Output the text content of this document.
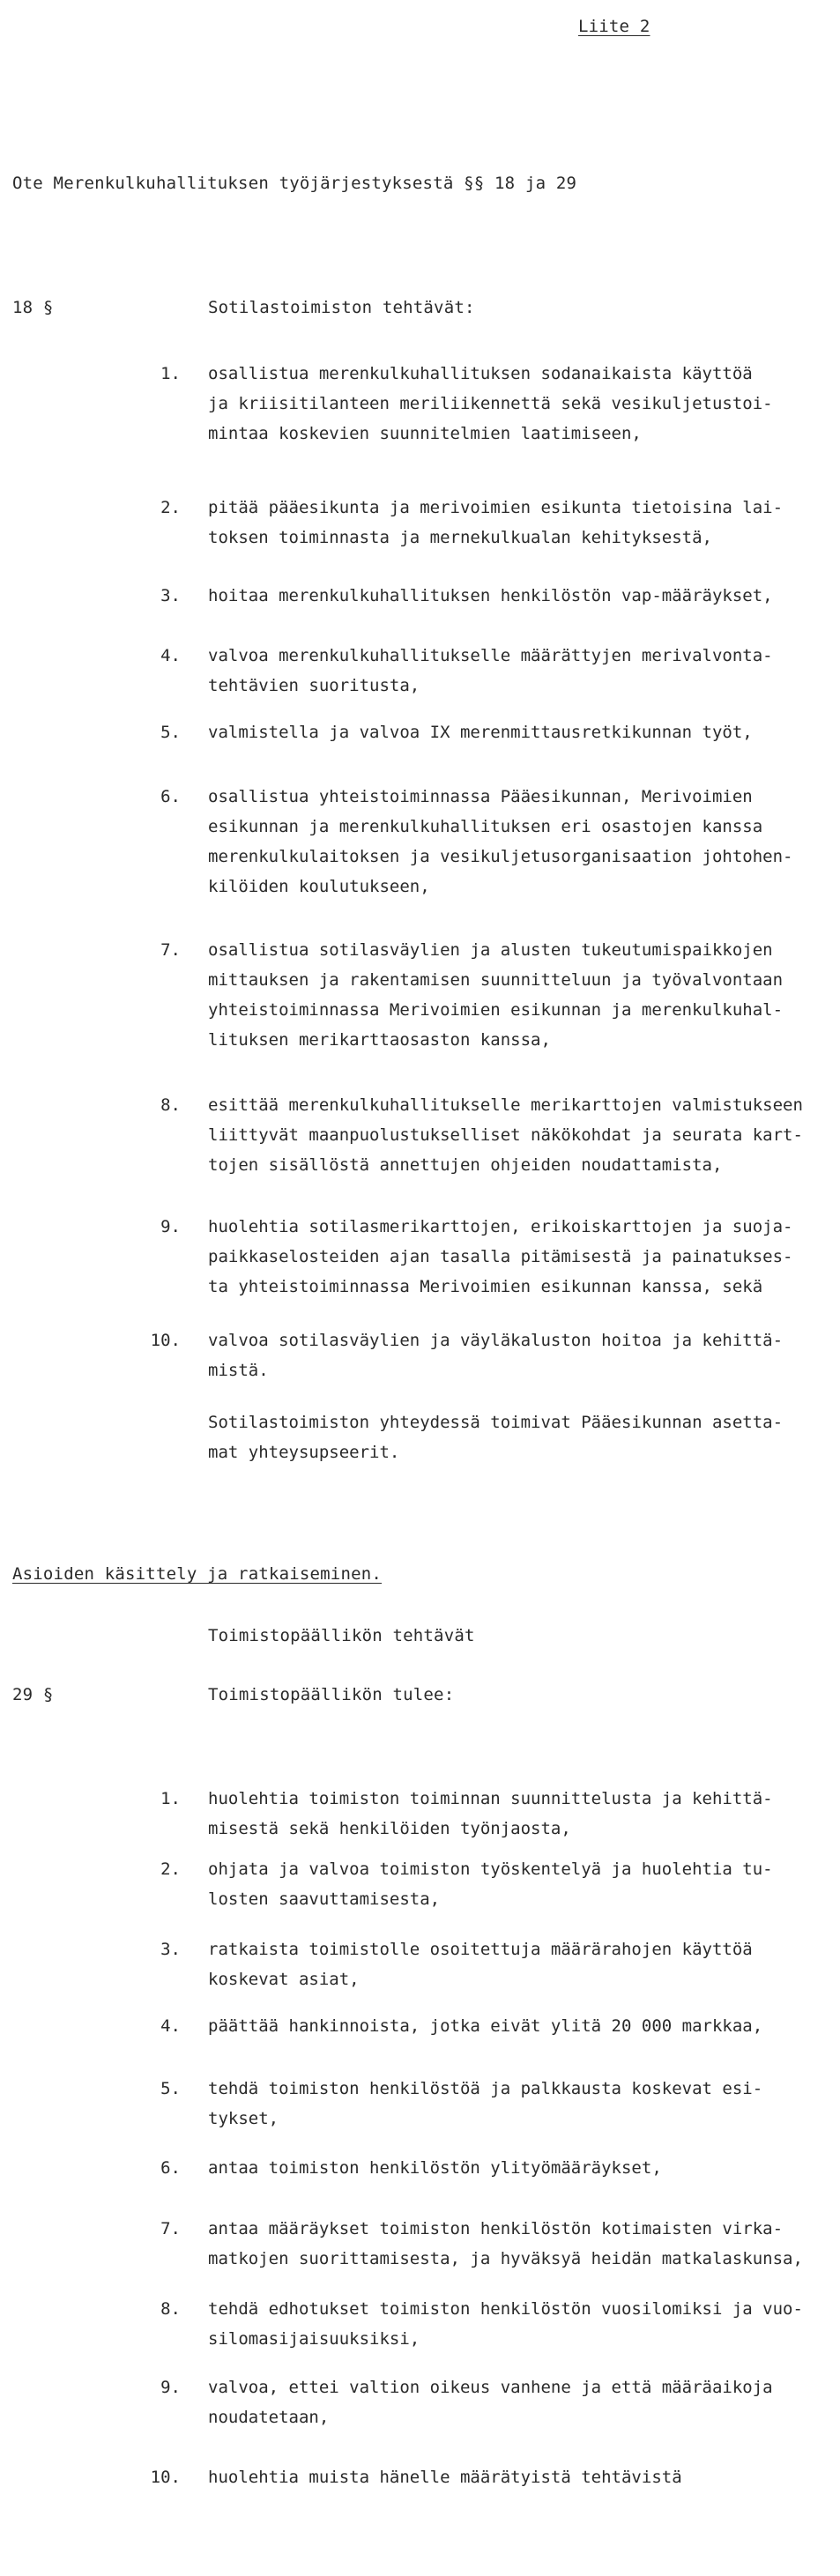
Liite 2
Ote Merenkulkuhallituksen työjärjestyksestä §§ 18 ja 29
18 §	Sotilastoimiston tehtävät:
1. osallistua merenkulkuhallituksen sodanaikaista käyttöä
ja kriisitilanteen meriliikennettä sekä vesikuljetustoi-
mintaa koskevien suunnitelmien laatimiseen,
2. pitää pääesikunta ja merivoimien esikunta tietoisina lai-
toksen toiminnasta ja mernekulkualan kehityksestä,
3. hoitaa merenkulkuhallituksen henkilöstön vap-määräykset,
4. valvoa merenkulkuhallitukselle määrättyjen merivalvonta-
tehtävien suoritusta,
5. valmistella ja valvoa IX merenmittausretkikunnan työt,
6. osallistua yhteistoiminnassa Pääesikunnan, Merivoimien
esikunnan ja merenkulkuhallituksen eri osastojen kanssa
merenkulkulaitoksen ja vesikuljetusorganisaation johtohen-
kilöiden koulutukseen,
7. osallistua sotilasväylien ja alusten tukeutumispaikkojen
mittauksen ja rakentamisen suunnitteluun ja työvalvontaan
yhteistoiminnassa Merivoimien esikunnan ja merenkulkuhal-
lituksen merikarttaosaston kanssa,
8. esittää merenkulkuhallitukselle merikarttojen valmistukseen
liittyvät maanpuolustukselliset näkökohdat ja seurata kart-
tojen sisällöstä annettujen ohjeiden noudattamista,
9. huolehtia sotilasmerikarttojen, erikoiskarttojen ja suoja-
paikkaselosteiden ajan tasalla pitämisestä ja painatukses-
ta yhteistoiminnassa Merivoimien esikunnan kanssa, sekä
10. valvoa sotilasväylien ja väyläkaluston hoitoa ja kehittä-
mistä.
Sotilastoimiston yhteydessä toimivat Pääesikunnan asetta-
mat yhteysupseerit.
Asioiden käsittely ja ratkaiseminen.
Toimistopäällikön tehtävät
29 §	Toimistopäällikön tulee:
1. huolehtia toimiston toiminnan suunnittelusta ja kehittä-
misestä sekä henkilöiden työnjaosta,
2. ohjata ja valvoa toimiston työskentelyä ja huolehtia tu-
losten saavuttamisesta,
3. ratkaista toimistolle osoitettuja määrärahojen käyttöä
koskevat asiat,
4. päättää hankinnoista, jotka eivät ylitä 20 000 markkaa,
5. tehdä toimiston henkilöstöä ja palkkausta koskevat esi-
tykset,
6. antaa toimiston henkilöstön ylityömääräykset,
7. antaa määräykset toimiston henkilöstön kotimaisten virka-
matkojen suorittamisesta, ja hyväksyä heidän matkalaskunsa,
8. tehdä edhotukset toimiston henkilöstön vuosilomiksi ja vuo-
silomasijaisuuksiksi,
9. valvoa, ettei valtion oikeus vanhene ja että määräaikoja
noudatetaan,
10. huolehtia muista hänelle määrätyistä tehtävistä
